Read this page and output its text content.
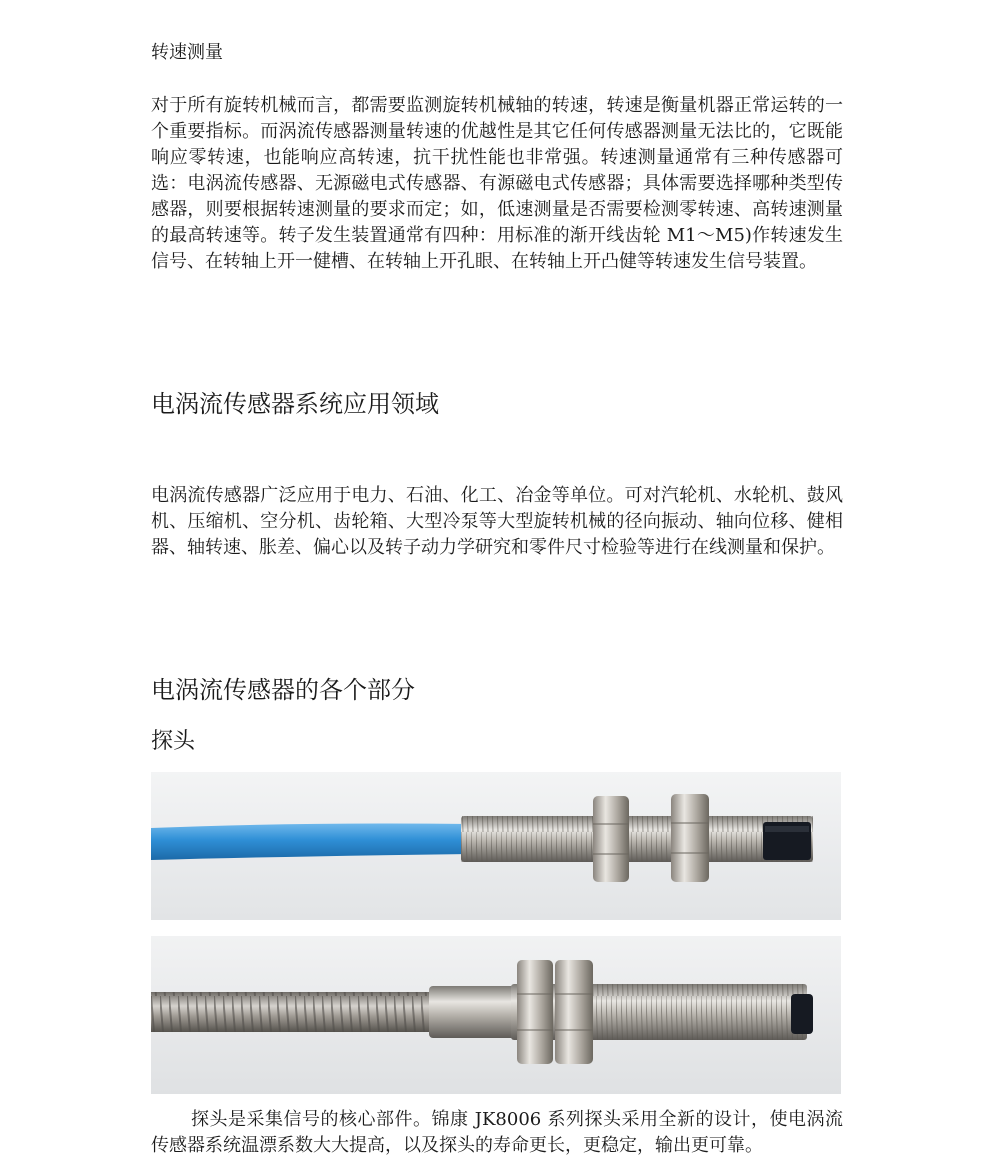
转速测量

对于所有旋转机械而言，都需要监测旋转机械轴的转速，转速是衡量机器正常运转的一个重要指标。而涡流传感器测量转速的优越性是其它任何传感器测量无法比的，它既能响应零转速，也能响应高转速，抗干扰性能也非常强。转速测量通常有三种传感器可选：电涡流传感器、无源磁电式传感器、有源磁电式传感器；具体需要选择哪种类型传感器，则要根据转速测量的要求而定；如，低速测量是否需要检测零转速、高转速测量的最高转速等。转子发生装置通常有四种：用标准的渐开线齿轮 M1～M5)作转速发生信号、在转轴上开一健槽、在转轴上开孔眼、在转轴上开凸健等转速发生信号装置。

电涡流传感器系统应用领域

电涡流传感器广泛应用于电力、石油、化工、冶金等单位。可对汽轮机、水轮机、鼓风机、压缩机、空分机、齿轮箱、大型冷泵等大型旋转机械的径向振动、轴向位移、健相器、轴转速、胀差、偏心以及转子动力学研究和零件尺寸检验等进行在线测量和保护。

电涡流传感器的各个部分
探头

探头是采集信号的核心部件。锦康 JK8006 系列探头采用全新的设计，使电涡流传感器系统温漂系数大大提高，以及探头的寿命更长，更稳定，输出更可靠。
